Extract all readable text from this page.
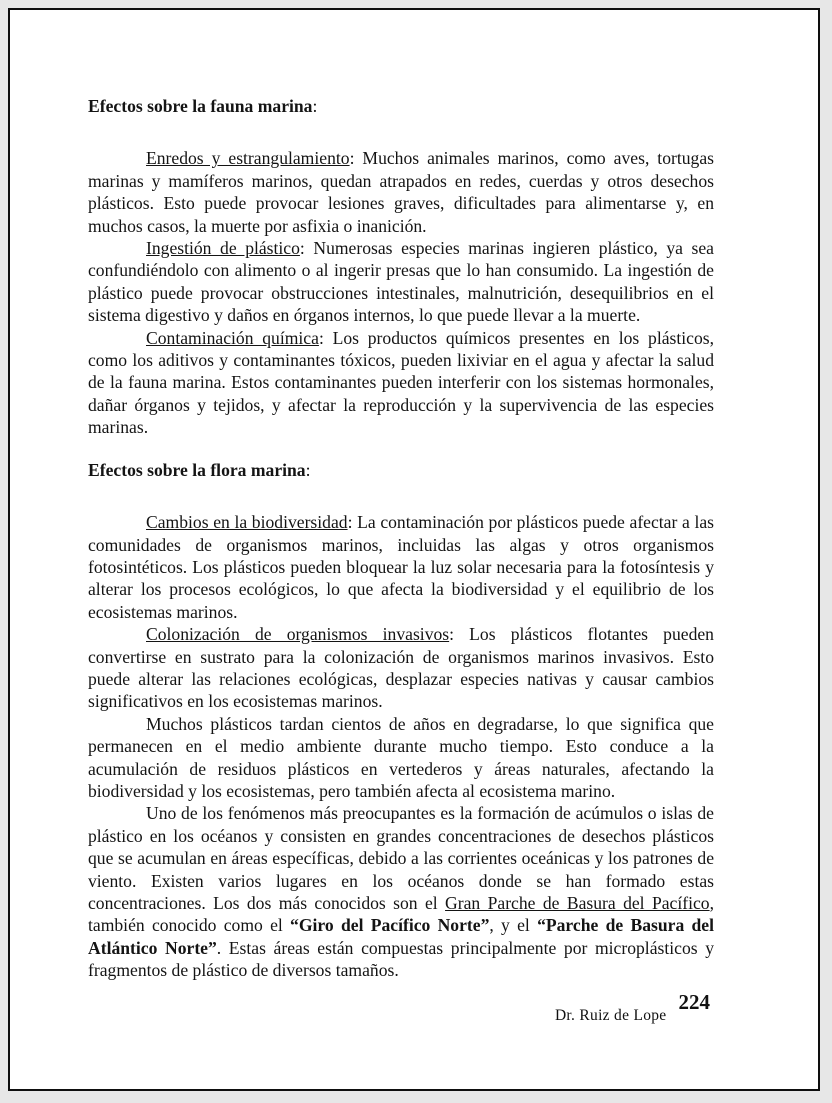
Efectos sobre la fauna marina:

Enredos y estrangulamiento: Muchos animales marinos, como aves, tortugas marinas y mamíferos marinos, quedan atrapados en redes, cuerdas y otros desechos plásticos. Esto puede provocar lesiones graves, dificultades para alimentarse y, en muchos casos, la muerte por asfixia o inanición.

Ingestión de plástico: Numerosas especies marinas ingieren plástico, ya sea confundiéndolo con alimento o al ingerir presas que lo han consumido. La ingestión de plástico puede provocar obstrucciones intestinales, malnutrición, desequilibrios en el sistema digestivo y daños en órganos internos, lo que puede llevar a la muerte.

Contaminación química: Los productos químicos presentes en los plásticos, como los aditivos y contaminantes tóxicos, pueden lixiviar en el agua y afectar la salud de la fauna marina. Estos contaminantes pueden interferir con los sistemas hormonales, dañar órganos y tejidos, y afectar la reproducción y la supervivencia de las especies marinas.

Efectos sobre la flora marina:

Cambios en la biodiversidad: La contaminación por plásticos puede afectar a las comunidades de organismos marinos, incluidas las algas y otros organismos fotosintéticos. Los plásticos pueden bloquear la luz solar necesaria para la fotosíntesis y alterar los procesos ecológicos, lo que afecta la biodiversidad y el equilibrio de los ecosistemas marinos.

Colonización de organismos invasivos: Los plásticos flotantes pueden convertirse en sustrato para la colonización de organismos marinos invasivos. Esto puede alterar las relaciones ecológicas, desplazar especies nativas y causar cambios significativos en los ecosistemas marinos.

Muchos plásticos tardan cientos de años en degradarse, lo que significa que permanecen en el medio ambiente durante mucho tiempo. Esto conduce a la acumulación de residuos plásticos en vertederos y áreas naturales, afectando la biodiversidad y los ecosistemas, pero también afecta al ecosistema marino.

Uno de los fenómenos más preocupantes es la formación de acúmulos o islas de plástico en los océanos y consisten en grandes concentraciones de desechos plásticos que se acumulan en áreas específicas, debido a las corrientes oceánicas y los patrones de viento. Existen varios lugares en los océanos donde se han formado estas concentraciones. Los dos más conocidos son el Gran Parche de Basura del Pacífico, también conocido como el “Giro del Pacífico Norte”, y el “Parche de Basura del Atlántico Norte”. Estas áreas están compuestas principalmente por microplásticos y fragmentos de plástico de diversos tamaños.

Dr. Ruiz de Lope
224
